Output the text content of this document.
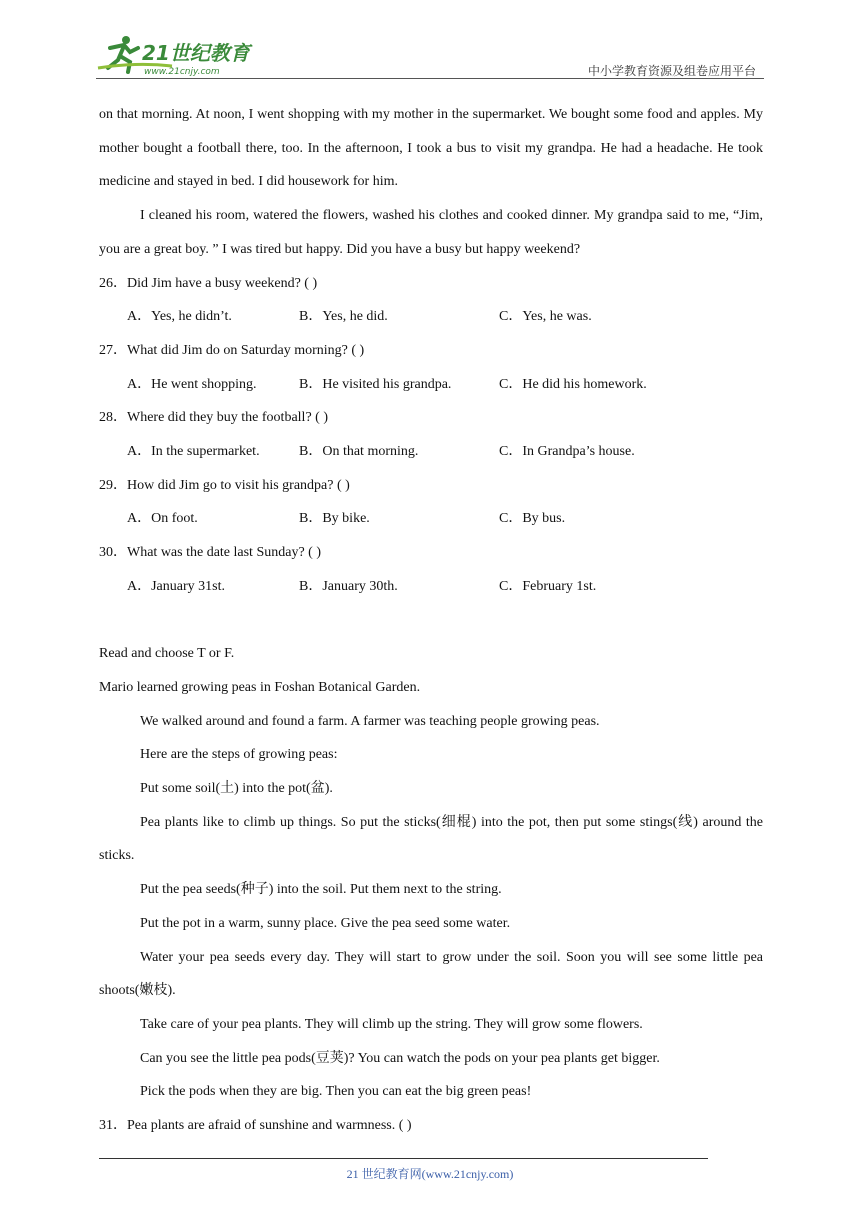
21世纪教育
www.21cnjy.com	中小学教育资源及组卷应用平台

on that morning. At noon, I went shopping with my mother in the supermarket. We bought some food and apples. My mother bought a football there, too. In the afternoon, I took a bus to visit my grandpa. He had a headache. He took medicine and stayed in bed. I did housework for him.

I cleaned his room, watered the flowers, washed his clothes and cooked dinner. My grandpa said to me, “Jim, you are a great boy. ” I was tired but happy. Did you have a busy but happy weekend?

26．Did Jim have a busy weekend? ( )

A．Yes, he didn’t.	B．Yes, he did.	C．Yes, he was.

27．What did Jim do on Saturday morning? ( )

A．He went shopping.	B．He visited his grandpa.	C．He did his homework.

28．Where did they buy the football? ( )

A．In the supermarket.	B．On that morning.	C．In Grandpa’s house.

29．How did Jim go to visit his grandpa? ( )

A．On foot.	B．By bike.	C．By bus.

30．What was the date last Sunday? ( )

A．January 31st.	B．January 30th.	C．February 1st.

Read and choose T or F.

Mario learned growing peas in Foshan Botanical Garden.

We walked around and found a farm. A farmer was teaching people growing peas.

Here are the steps of growing peas:

Put some soil(土) into the pot(盆).

Pea plants like to climb up things. So put the sticks(细棍) into the pot, then put some stings(线) around the sticks.

Put the pea seeds(种子) into the soil. Put them next to the string.

Put the pot in a warm, sunny place. Give the pea seed some water.

Water your pea seeds every day. They will start to grow under the soil. Soon you will see some little pea shoots(嫩枝).

Take care of your pea plants. They will climb up the string. They will grow some flowers.

Can you see the little pea pods(豆荚)? You can watch the pods on your pea plants get bigger.

Pick the pods when they are big. Then you can eat the big green peas!

31．Pea plants are afraid of sunshine and warmness. ( )

21 世纪教育网(www.21cnjy.com)
